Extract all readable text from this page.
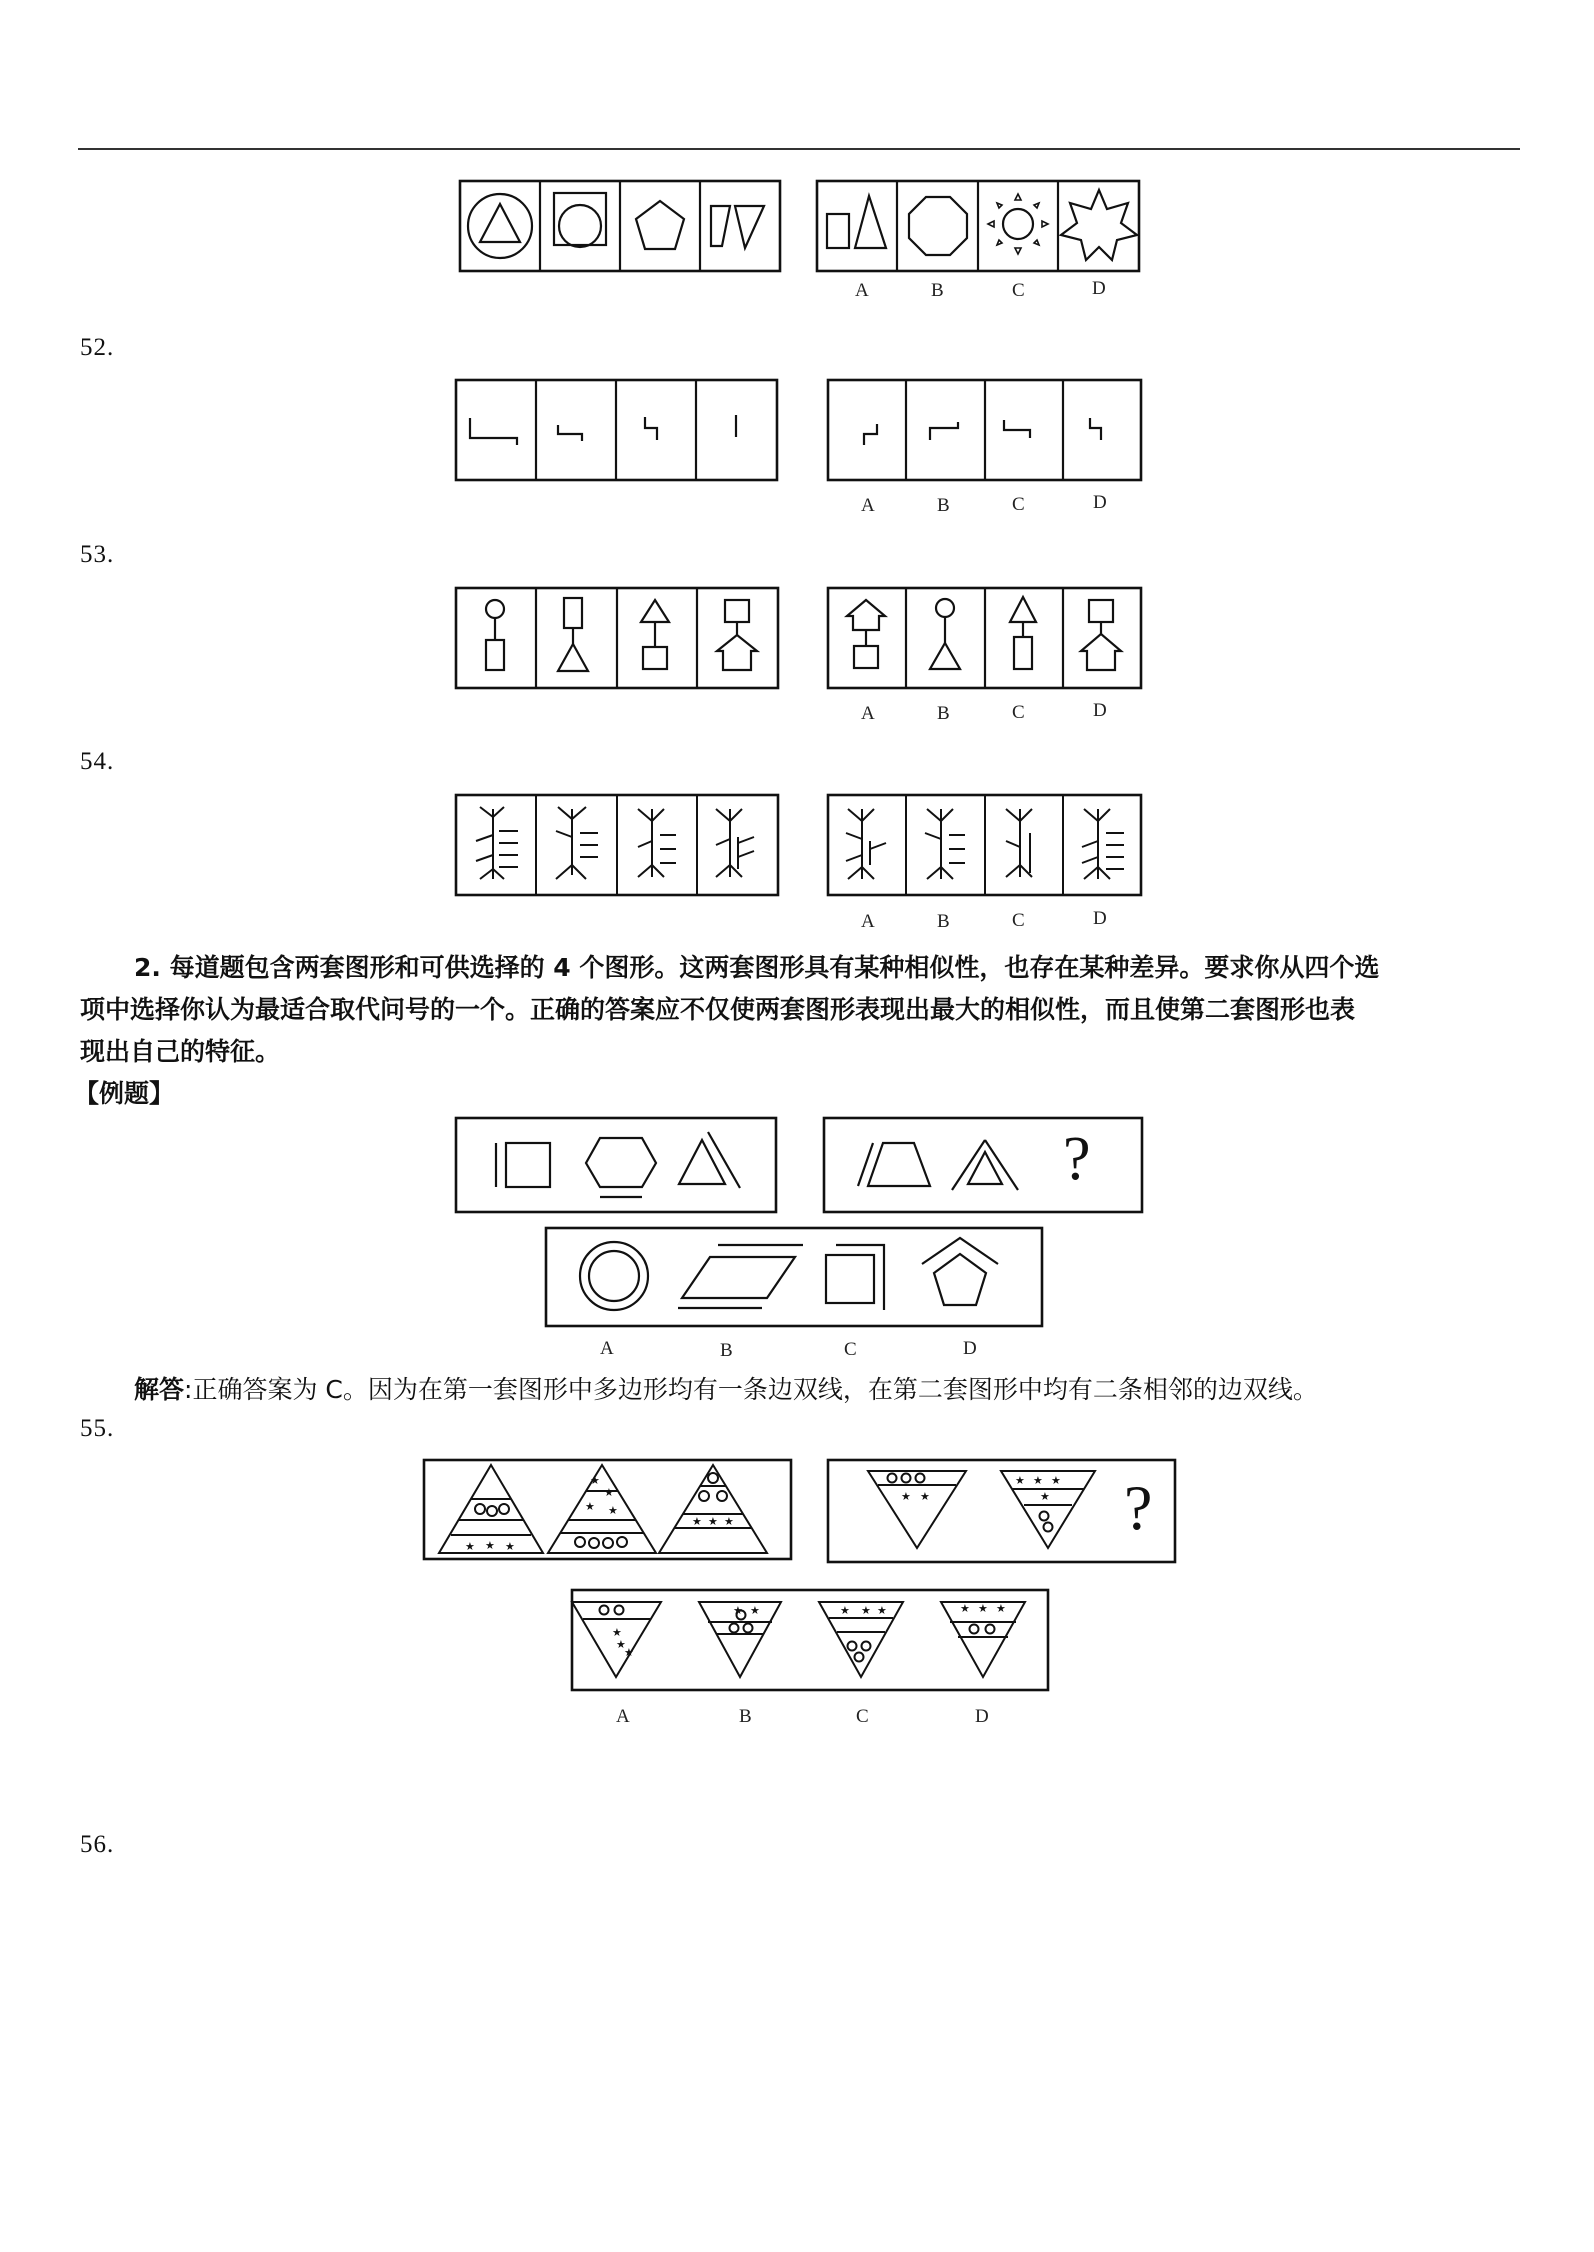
★ ★ ★
★
★
★ ★
★ ★ ★
★ ★
★ ★ ★
★
★
★
★
★ ★	★ ★ ★	★ ★ ★
A	B	C	D
52.
A	B	C	D
53.
A	B	C	D
54.
A	B	C	D
2. 每道题包含两套图形和可供选择的 4 个图形。这两套图形具有某种相似性，也存在某种差异。要求你从四个选
项中选择你认为最适合取代问号的一个。正确的答案应不仅使两套图形表现出最大的相似性，而且使第二套图形也表
现出自己的特征。
【例题】
?
A	B	C	D
解答:正确答案为 C。因为在第一套图形中多边形均有一条边双线，在第二套图形中均有二条相邻的边双线。
55.
?
A	B	C	D
56.
